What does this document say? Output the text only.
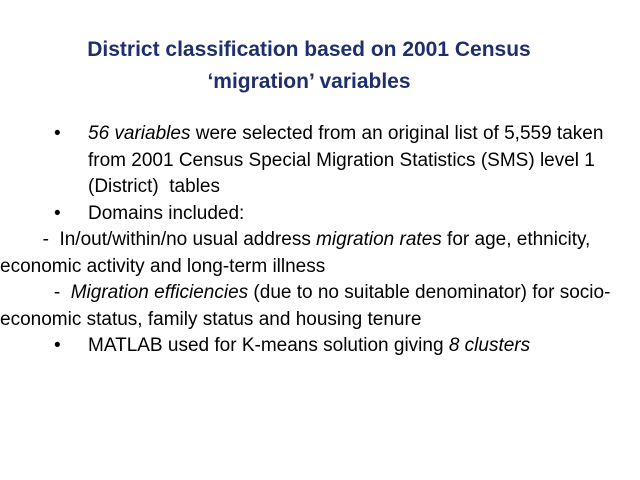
District classification based on 2001 Census
‘migration’ variables
•	56 variables were selected from an original list of 5,559 taken from 2001 Census Special Migration Statistics (SMS) level 1 (District)  tables
•	Domains included:
-  In/out/within/no usual address migration rates for age, ethnicity, economic activity and long-term illness
-  Migration efficiencies (due to no suitable denominator) for socio-economic status, family status and housing tenure
•	MATLAB used for K-means solution giving 8 clusters
